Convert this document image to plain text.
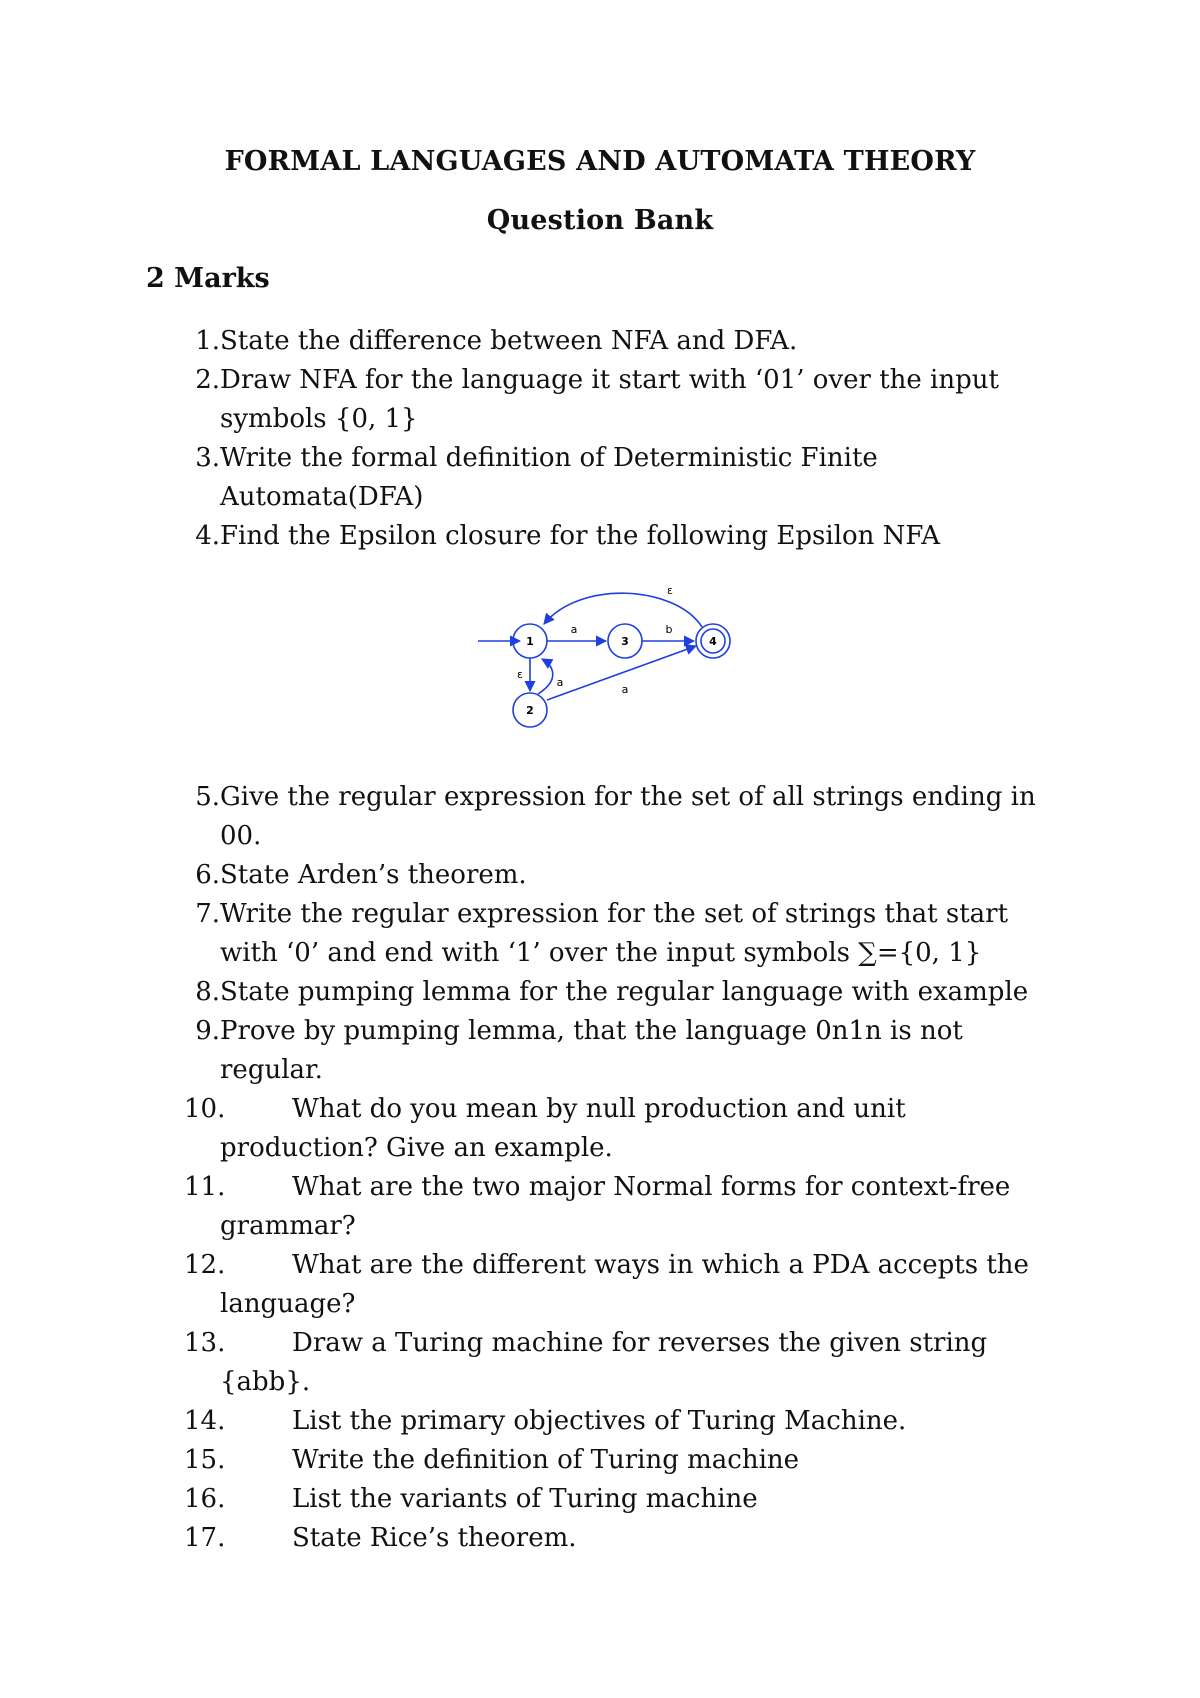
FORMAL LANGUAGES AND AUTOMATA THEORY
Question Bank
2 Marks
1. State the difference between NFA and DFA.
2. Draw NFA for the language it start with ‘01’ over the input symbols {0, 1}
3. Write the formal definition of Deterministic Finite Automata(DFA)
4. Find the Epsilon closure for the following Epsilon NFA
1
2
3	4
a	b
ε
a
a
ε
5. Give the regular expression for the set of all strings ending in 00.
6. State Arden’s theorem.
7. Write the regular expression for the set of strings that start with ‘0’ and end with ‘1’ over the input symbols ∑={0, 1}
8. State pumping lemma for the regular language with example
9. Prove by pumping lemma, that the language 0n1n is not regular.
10.	What do you mean by null production and unit production? Give an example.
11.	What are the two major Normal forms for context-free grammar?
12.	What are the different ways in which a PDA accepts the language?
13.	Draw a Turing machine for reverses the given string {abb}.
14.	List the primary objectives of Turing Machine.
15.	Write the definition of Turing machine
16.	List the variants of Turing machine
17.	State Rice’s theorem.
